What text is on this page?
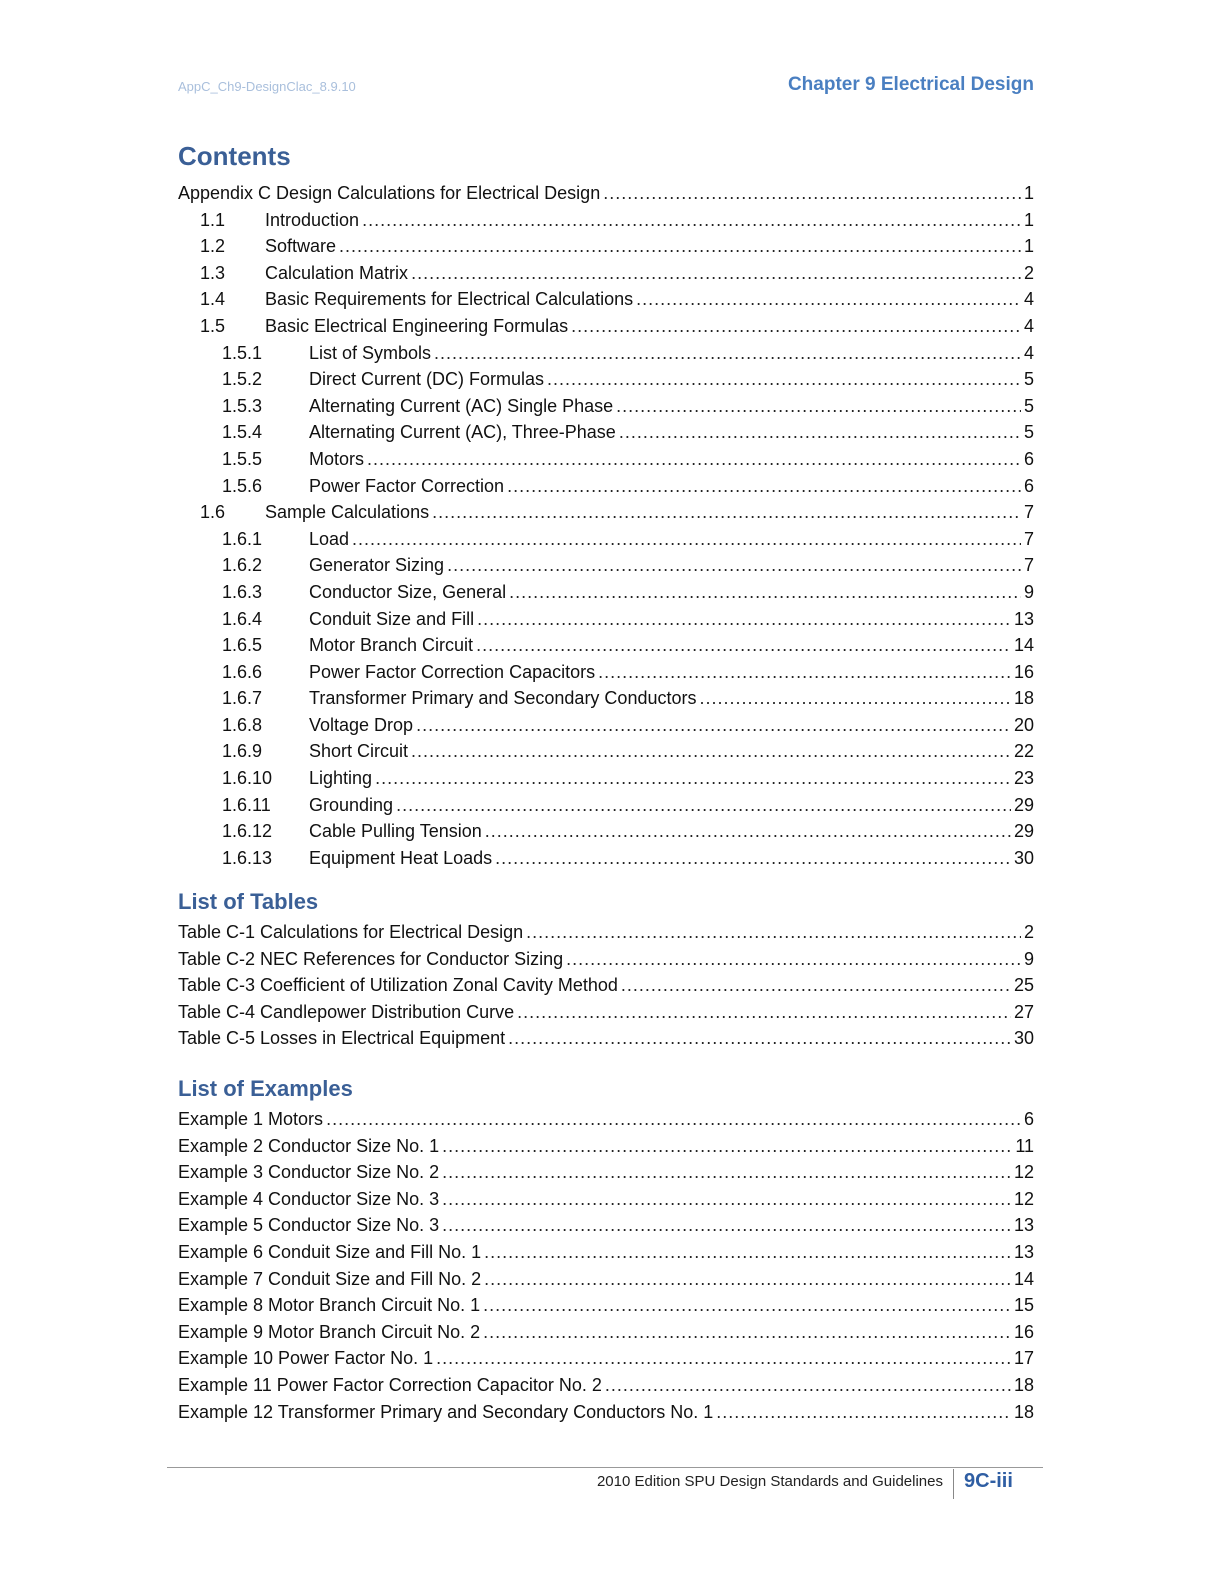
AppC_Ch9-DesignClac_8.9.10	Chapter 9 Electrical Design
Contents
Appendix C Design Calculations for Electrical Design .....	1
1.1	Introduction .....	1
1.2	Software .....	1
1.3	Calculation Matrix .....	2
1.4	Basic Requirements for Electrical Calculations .....	4
1.5	Basic Electrical Engineering Formulas .....	4
1.5.1	List of Symbols .....	4
1.5.2	Direct Current (DC) Formulas .....	5
1.5.3	Alternating Current (AC) Single Phase .....	5
1.5.4	Alternating Current (AC), Three-Phase .....	5
1.5.5	Motors .....	6
1.5.6	Power Factor Correction .....	6
1.6	Sample Calculations .....	7
1.6.1	Load .....	7
1.6.2	Generator Sizing .....	7
1.6.3	Conductor Size, General .....	9
1.6.4	Conduit Size and Fill .....	13
1.6.5	Motor Branch Circuit .....	14
1.6.6	Power Factor Correction Capacitors .....	16
1.6.7	Transformer Primary and Secondary Conductors .....	18
1.6.8	Voltage Drop .....	20
1.6.9	Short Circuit .....	22
1.6.10	Lighting .....	23
1.6.11	Grounding .....	29
1.6.12	Cable Pulling Tension .....	29
1.6.13	Equipment Heat Loads .....	30
List of Tables
Table C-1 Calculations for Electrical Design .....	2
Table C-2 NEC References for Conductor Sizing .....	9
Table C-3 Coefficient of Utilization Zonal Cavity Method .....	25
Table C-4 Candlepower Distribution Curve .....	27
Table C-5 Losses in Electrical Equipment .....	30
List of Examples
Example 1 Motors .....	6
Example 2 Conductor Size No. 1 .....	11
Example 3 Conductor Size No. 2 .....	12
Example 4 Conductor Size No. 3 .....	12
Example 5 Conductor Size No. 3 .....	13
Example 6 Conduit Size and Fill No. 1 .....	13
Example 7 Conduit Size and Fill No. 2 .....	14
Example 8 Motor Branch Circuit No. 1 .....	15
Example 9 Motor Branch Circuit No. 2 .....	16
Example 10 Power Factor No. 1 .....	17
Example 11 Power Factor Correction Capacitor No. 2 .....	18
Example 12 Transformer Primary and Secondary Conductors No. 1 .....	18
2010 Edition SPU Design Standards and Guidelines 9C-iii
